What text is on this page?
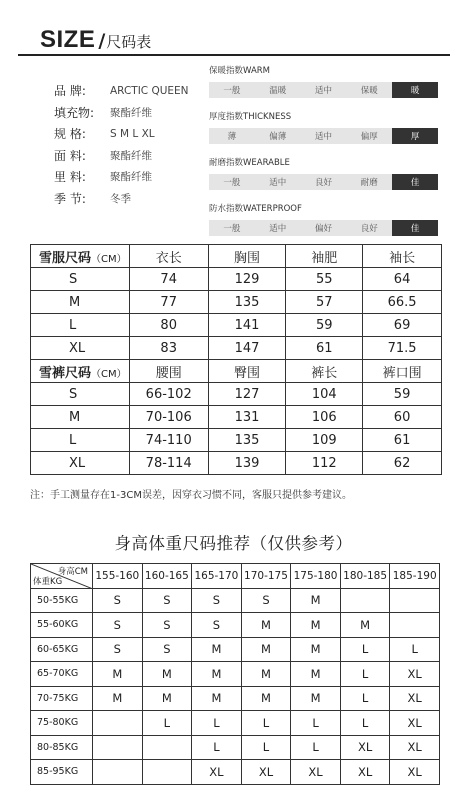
SIZE / 尺码表
品 牌:	ARCTIC QUEEN
填充物:	聚酯纤维
规 格:	S M L XL
面 料:	聚酯纤维
里 料:	聚酯纤维
季 节:	冬季
保暖指数WARM
一般	温暖	适中	保暖	暖
厚度指数THICKNESS
薄	偏薄	适中	偏厚	厚
耐磨指数WEARABLE
一般	适中	良好	耐磨	佳
防水指数WATERPROOF
一般	适中	偏好	良好	佳
雪服尺码（CM）	衣长	胸围	袖肥	袖长
S	74	129	55	64
M	77	135	57	66.5
L	80	141	59	69
XL	83	147	61	71.5
雪裤尺码（CM）	腰围	臀围	裤长	裤口围
S	66-102	127	104	59
M	70-106	131	106	60
L	74-110	135	109	61
XL	78-114	139	112	62
注：手工测量存在1-3CM误差，因穿衣习惯不同，客服只提供参考建议。
身高体重尺码推荐（仅供参考）
身高CM
体重KG	155-160	160-165	165-170	170-175	175-180	180-185	185-190
50-55KG	S	S	S	S	M		
55-60KG	S	S	S	M	M	M	
60-65KG	S	S	M	M	M	L	L
65-70KG	M	M	M	M	M	L	XL
70-75KG	M	M	M	M	M	L	XL
75-80KG		L	L	L	L	L	XL
80-85KG			L	L	L	XL	XL
85-95KG			XL	XL	XL	XL	XL
